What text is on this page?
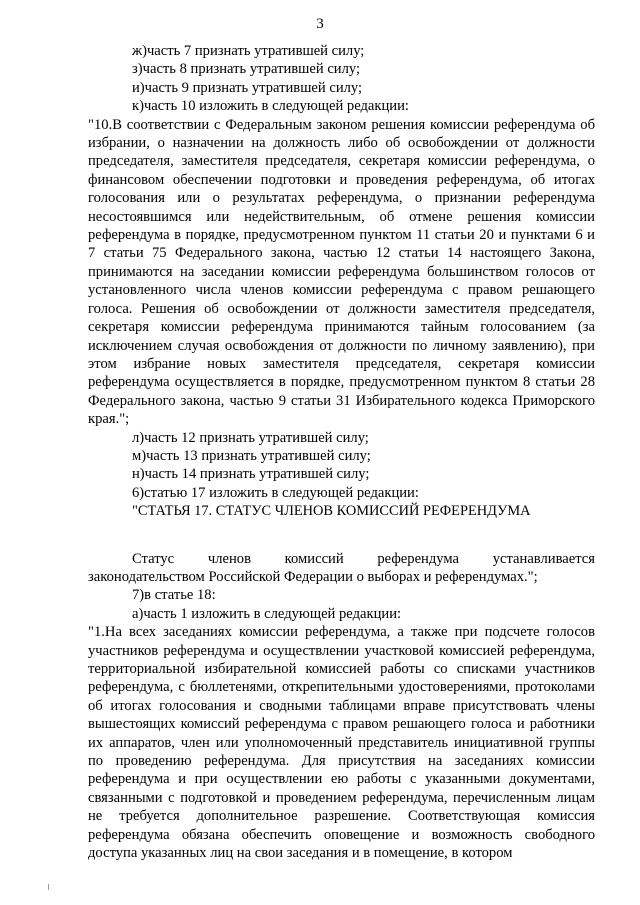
3
ж)часть 7 признать утратившей силу;
з)часть 8 признать утратившей силу;
и)часть 9 признать утратившей силу;
к)часть 10 изложить в следующей редакции:
"10.В соответствии с Федеральным законом решения комиссии референдума об избрании, о назначении на должность либо об освобождении от должности председателя, заместителя председателя, секретаря комиссии референдума, о финансовом обеспечении подготовки и проведения референдума, об итогах голосования или о результатах референдума, о признании референдума несостоявшимся или недействительным, об отмене решения комиссии референдума в порядке, предусмотренном пунктом 11 статьи 20 и пунктами 6 и 7 статьи 75 Федерального закона, частью 12 статьи 14 настоящего Закона, принимаются на заседании комиссии референдума большинством голосов от установленного числа членов комиссии референдума с правом решающего голоса. Решения об освобождении от должности заместителя председателя, секретаря комиссии референдума принимаются тайным голосованием (за исключением случая освобождения от должности по личному заявлению), при этом избрание новых заместителя председателя, секретаря комиссии референдума осуществляется в порядке, предусмотренном пунктом 8 статьи 28 Федерального закона, частью 9 статьи 31 Избирательного кодекса Приморского края.";
л)часть 12 признать утратившей силу;
м)часть 13 признать утратившей силу;
н)часть 14 признать утратившей силу;
6)статью 17 изложить в следующей редакции:
"СТАТЬЯ 17. СТАТУС ЧЛЕНОВ КОМИССИЙ РЕФЕРЕНДУМА
Статус членов комиссий референдума устанавливается законодательством Российской Федерации о выборах и референдумах.";
7)в статье 18:
а)часть 1 изложить в следующей редакции:
"1.На всех заседаниях комиссии референдума, а также при подсчете голосов участников референдума и осуществлении участковой комиссией референдума, территориальной избирательной комиссией работы со списками участников референдума, с бюллетенями, открепительными удостоверениями, протоколами об итогах голосования и сводными таблицами вправе присутствовать члены вышестоящих комиссий референдума с правом решающего голоса и работники их аппаратов, член или уполномоченный представитель инициативной группы по проведению референдума. Для присутствия на заседаниях комиссии референдума и при осуществлении ею работы с указанными документами, связанными с подготовкой и проведением референдума, перечисленным лицам не требуется дополнительное разрешение. Соответствующая комиссия референдума обязана обеспечить оповещение и возможность свободного доступа указанных лиц на свои заседания и в помещение, в котором
